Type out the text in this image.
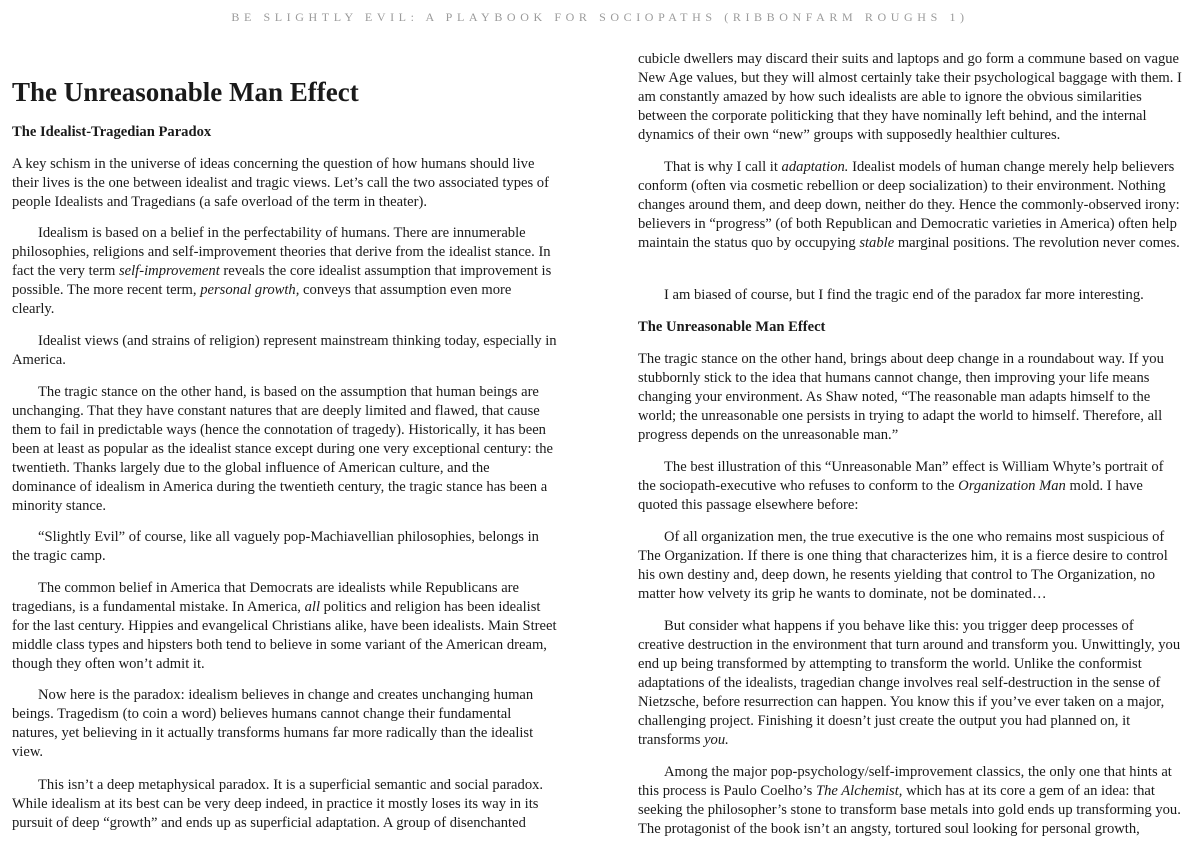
BE SLIGHTLY EVIL: A PLAYBOOK FOR SOCIOPATHS (RIBBONFARM ROUGHS 1)
The Unreasonable Man Effect

The Idealist-Tragedian Paradox

A key schism in the universe of ideas concerning the question of how humans should live their lives is the one between idealist and tragic views. Let’s call the two associated types of people Idealists and Tragedians (a safe overload of the term in theater).

Idealism is based on a belief in the perfectability of humans. There are innumerable philosophies, religions and self-improvement theories that derive from the idealist stance. In fact the very term self-improvement reveals the core idealist assumption that improvement is possible. The more recent term, personal growth, conveys that assumption even more clearly.

Idealist views (and strains of religion) represent mainstream thinking today, especially in America.

The tragic stance on the other hand, is based on the assumption that human beings are unchanging. That they have constant natures that are deeply limited and flawed, that cause them to fail in predictable ways (hence the connotation of tragedy). Historically, it has been been at least as popular as the idealist stance except during one very exceptional century: the twentieth. Thanks largely due to the global influence of American culture, and the dominance of idealism in America during the twentieth century, the tragic stance has been a minority stance.

“Slightly Evil” of course, like all vaguely pop-Machiavellian philosophies, belongs in the tragic camp.

The common belief in America that Democrats are idealists while Republicans are tragedians, is a fundamental mistake. In America, all politics and religion has been idealist for the last century. Hippies and evangelical Christians alike, have been idealists. Main Street middle class types and hipsters both tend to believe in some variant of the American dream, though they often won’t admit it.

Now here is the paradox: idealism believes in change and creates unchanging human beings. Tragedism (to coin a word) believes humans cannot change their fundamental natures, yet believing in it actually transforms humans far more radically than the idealist view.

This isn’t a deep metaphysical paradox. It is a superficial semantic and social paradox. While idealism at its best can be very deep indeed, in practice it mostly loses its way in its pursuit of deep “growth” and ends up as superficial adaptation. A group of disenchanted

cubicle dwellers may discard their suits and laptops and go form a commune based on vague New Age values, but they will almost certainly take their psychological baggage with them. I am constantly amazed by how such idealists are able to ignore the obvious similarities between the corporate politicking that they have nominally left behind, and the internal dynamics of their own “new” groups with supposedly healthier cultures.

That is why I call it adaptation. Idealist models of human change merely help believers conform (often via cosmetic rebellion or deep socialization) to their environment. Nothing changes around them, and deep down, neither do they. Hence the commonly-observed irony: believers in “progress” (of both Republican and Democratic varieties in America) often help maintain the status quo by occupying stable marginal positions. The revolution never comes.

I am biased of course, but I find the tragic end of the paradox far more interesting.

The Unreasonable Man Effect

The tragic stance on the other hand, brings about deep change in a roundabout way. If you stubbornly stick to the idea that humans cannot change, then improving your life means changing your environment. As Shaw noted, “The reasonable man adapts himself to the world; the unreasonable one persists in trying to adapt the world to himself. Therefore, all progress depends on the unreasonable man.”

The best illustration of this “Unreasonable Man” effect is William Whyte’s portrait of the sociopath-executive who refuses to conform to the Organization Man mold. I have quoted this passage elsewhere before:

Of all organization men, the true executive is the one who remains most suspicious of The Organization. If there is one thing that characterizes him, it is a fierce desire to control his own destiny and, deep down, he resents yielding that control to The Organization, no matter how velvety its grip he wants to dominate, not be dominated…

But consider what happens if you behave like this: you trigger deep processes of creative destruction in the environment that turn around and transform you. Unwittingly, you end up being transformed by attempting to transform the world. Unlike the conformist adaptations of the idealists, tragedian change involves real self-destruction in the sense of Nietzsche, before resurrection can happen. You know this if you’ve ever taken on a major, challenging project. Finishing it doesn’t just create the output you had planned on, it transforms you.

Among the major pop-psychology/self-improvement classics, the only one that hints at this process is Paulo Coelho’s The Alchemist, which has at its core a gem of an idea: that seeking the philosopher’s stone to transform base metals into gold ends up transforming you. The protagonist of the book isn’t an angsty, tortured soul looking for personal growth,
